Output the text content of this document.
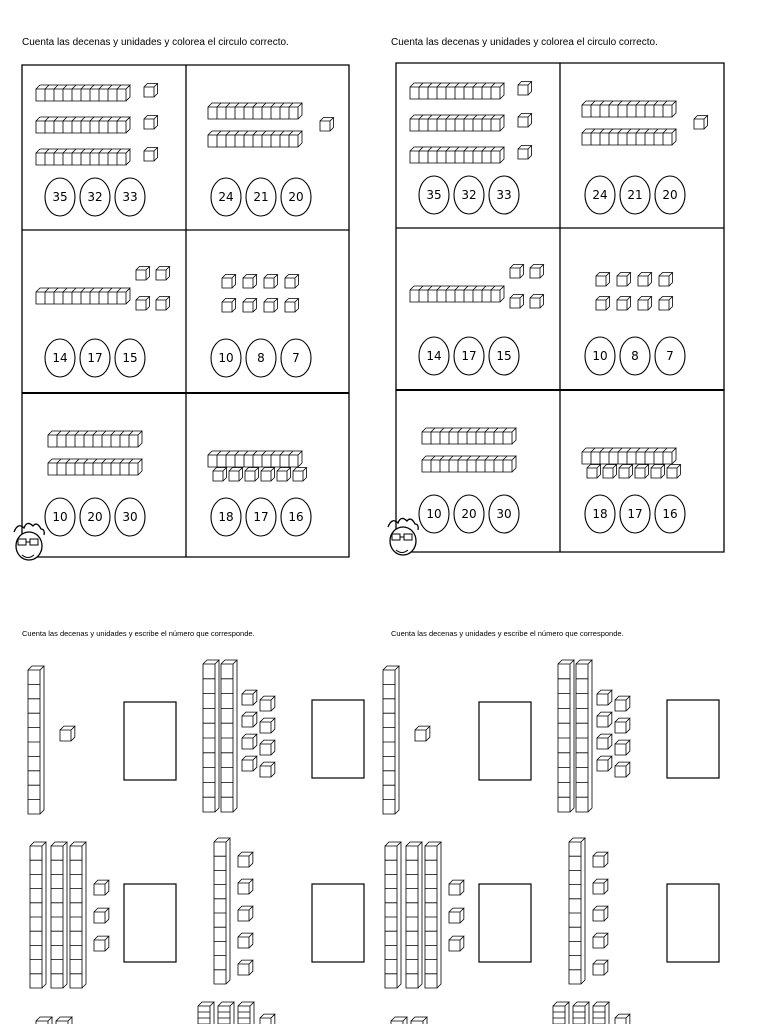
Cuenta las decenas y unidades y colorea el circulo correcto.	Cuenta las decenas y unidades y colorea el circulo correcto.
Cuenta las decenas y unidades y escribe el número que corresponde.	Cuenta las decenas y unidades y escribe el número que corresponde.
35 32 33	24 21 20
14 17 15	10 8 7
10 20 30	18 17 16
35 32 33	24 21 20
14 17 15	10 8 7
10 20 30	18 17 16
